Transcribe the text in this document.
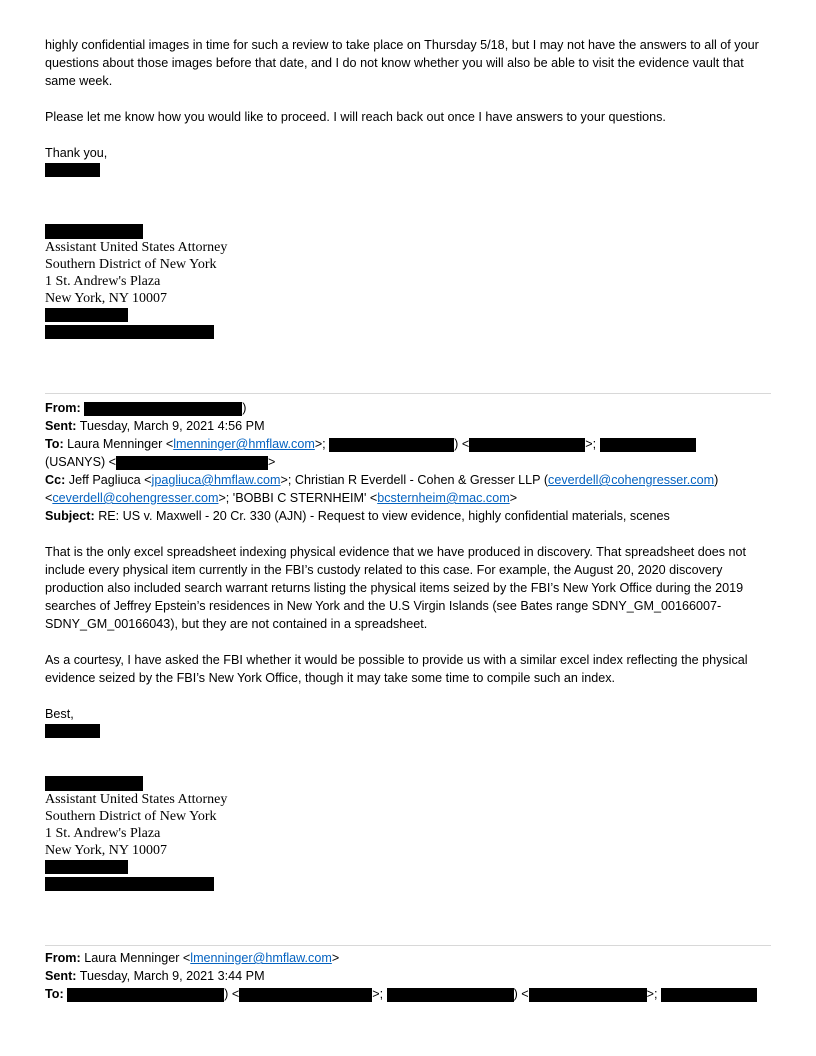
highly confidential images in time for such a review to take place on Thursday 5/18, but I may not have the answers to all of your questions about those images before that date, and I do not know whether you will also be able to visit the evidence vault that same week.

Please let me know how you would like to proceed. I will reach back out once I have answers to your questions.

Thank you,

Assistant United States Attorney

Southern District of New York

1 St. Andrew's Plaza

New York, NY 10007

From:	)

Sent: Tuesday, March 9, 2021 4:56 PM

To: Laura Menninger <lmenninger@hmflaw.com>;	) <	>;

(USANYS) <	>

Cc: Jeff Pagliuca <jpagliuca@hmflaw.com>; Christian R Everdell - Cohen & Gresser LLP (ceverdell@cohengresser.com)

<ceverdell@cohengresser.com>; 'BOBBI C STERNHEIM' <bcsternheim@mac.com>

Subject: RE: US v. Maxwell - 20 Cr. 330 (AJN) - Request to view evidence, highly confidential materials, scenes

That is the only excel spreadsheet indexing physical evidence that we have produced in discovery. That spreadsheet does not include every physical item currently in the FBI’s custody related to this case. For example, the August 20, 2020 discovery production also included search warrant returns listing the physical items seized by the FBI’s New York Office during the 2019 searches of Jeffrey Epstein’s residences in New York and the U.S Virgin Islands (see Bates range SDNY_GM_00166007-SDNY_GM_00166043), but they are not contained in a spreadsheet.

As a courtesy, I have asked the FBI whether it would be possible to provide us with a similar excel index reflecting the physical evidence seized by the FBI’s New York Office, though it may take some time to compile such an index.

Best,

Assistant United States Attorney

Southern District of New York

1 St. Andrew's Plaza

New York, NY 10007

From: Laura Menninger <lmenninger@hmflaw.com>

Sent: Tuesday, March 9, 2021 3:44 PM

To:	) <	>;	) <	>;
